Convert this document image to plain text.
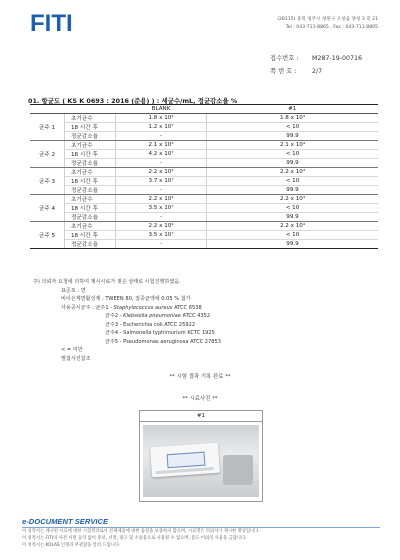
FITI	(28115) 충북 청주시 청원구 오창읍 양청 3 길 21
Tel : 043-711-8865 , Fax : 043-711-8805
접수번호 : M287-19-00716
쪽 번 호 : 2/7
01. 항균도 ( KS K 0693 : 2016 (준용) ) : 세균수/mL, 정균감소율 %
		BLANK	#1
균주 1	초기균수	1.8 x 10⁴	1.8 x 10⁴
	18 시간 후	1.2 x 10⁷	< 10
	정균감소율	-	99.9
균주 2	초기균수	2.1 x 10⁴	2.1 x 10⁴
	18 시간 후	4.2 x 10⁷	< 10
	정균감소율	-	99.9
균주 3	초기균수	2.2 x 10⁴	2.2 x 10⁴
	18 시간 후	3.7 x 10⁷	< 10
	정균감소율	-	99.9
균주 4	초기균수	2.2 x 10⁴	2.2 x 10⁴
	18 시간 후	3.5 x 10⁷	< 10
	정균감소율	-	99.9
균주 5	초기균수	2.2 x 10⁴	2.2 x 10⁴
	18 시간 후	3.5 x 10⁷	< 10
	정균감소율	-	99.9
주) 의뢰자 요청에 의하여 제시시료가 젖은 상태로 시험진행하였음.
표준포 : 면
비이온계면활성제 : TWEEN 80, 접종균액에 0.05 % 첨가
사용공시균주 : 균주1 - Staphylococcus aureus ATCC 6538
균주2 - Klebsiella pneumoniae ATCC 4352
균주3 - Escherichia coli ATCC 25922
균주4 - Salmonella typhimurium KCTC 1925
균주5 - Pseudomonas aeruginosa ATCC 27853
< = 미만
별첨사진참조
** 시험 결과 기록 완료 **
** 시료사진 **
#1
e-DOCUMENT SERVICE
이 성적서는 제시된 시료에 대한 시험결과로서 전체제품에 대한 품질을 보증하지 않으며, 시료명은 의뢰자가 제시한 명칭입니다.
이 성적서는 FITI의 사전 서면 동의 없이 홍보, 선전, 광고 및 소송용으로 사용될 수 없으며, 용도 이외의 사용을 금합니다.
이 성적서는 KOLAS 인정과 무관함을 알려 드립니다.
